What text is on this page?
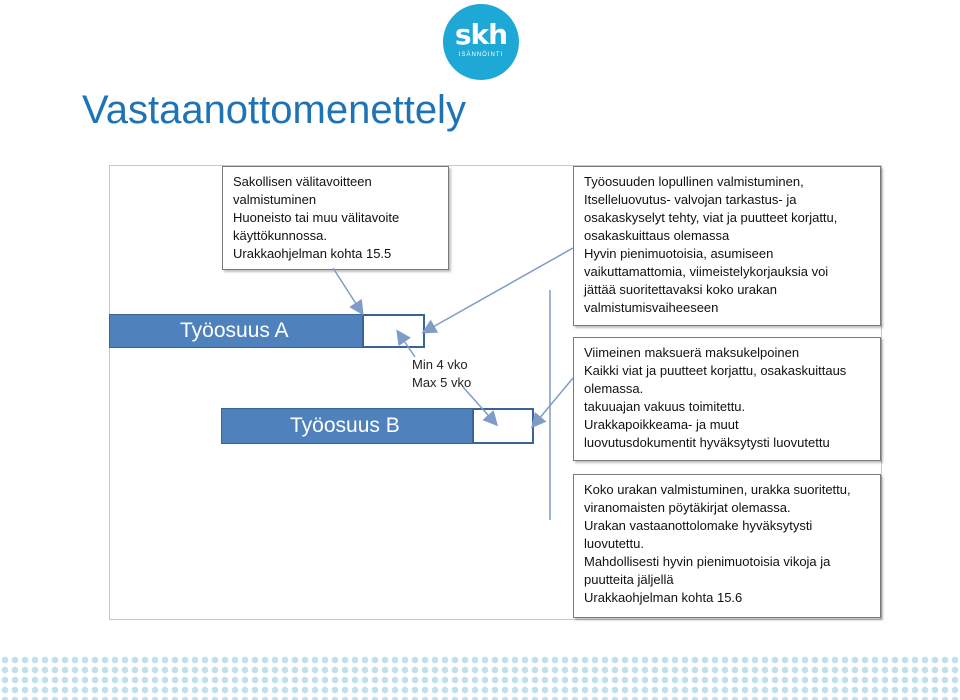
skh
ISÄNNÖINTI
Vastaanottomenettely
Sakollisen välitavoitteen
valmistuminen
Huoneisto tai muu välitavoite
käyttökunnossa.
Urakkaohjelman kohta 15.5
Työosuuden lopullinen valmistuminen,
Itselleluovutus- valvojan tarkastus- ja
osakaskyselyt tehty, viat ja puutteet korjattu,
osakaskuittaus olemassa
Hyvin pienimuotoisia, asumiseen
vaikuttamattomia, viimeistelykorjauksia voi
jättää suoritettavaksi koko urakan
valmistumisvaiheeseen
Viimeinen maksuerä maksukelpoinen
Kaikki viat ja puutteet korjattu, osakaskuittaus
olemassa.
takuuajan vakuus toimitettu.
Urakkapoikkeama- ja muut
luovutusdokumentit hyväksytysti luovutettu
Koko urakan valmistuminen, urakka suoritettu,
viranomaisten pöytäkirjat olemassa.
Urakan vastaanottolomake hyväksytysti
luovutettu.
Mahdollisesti hyvin pienimuotoisia vikoja ja
puutteita jäljellä
Urakkaohjelman kohta 15.6
Työosuus A
Työosuus B
Min 4 vko
Max 5 vko
